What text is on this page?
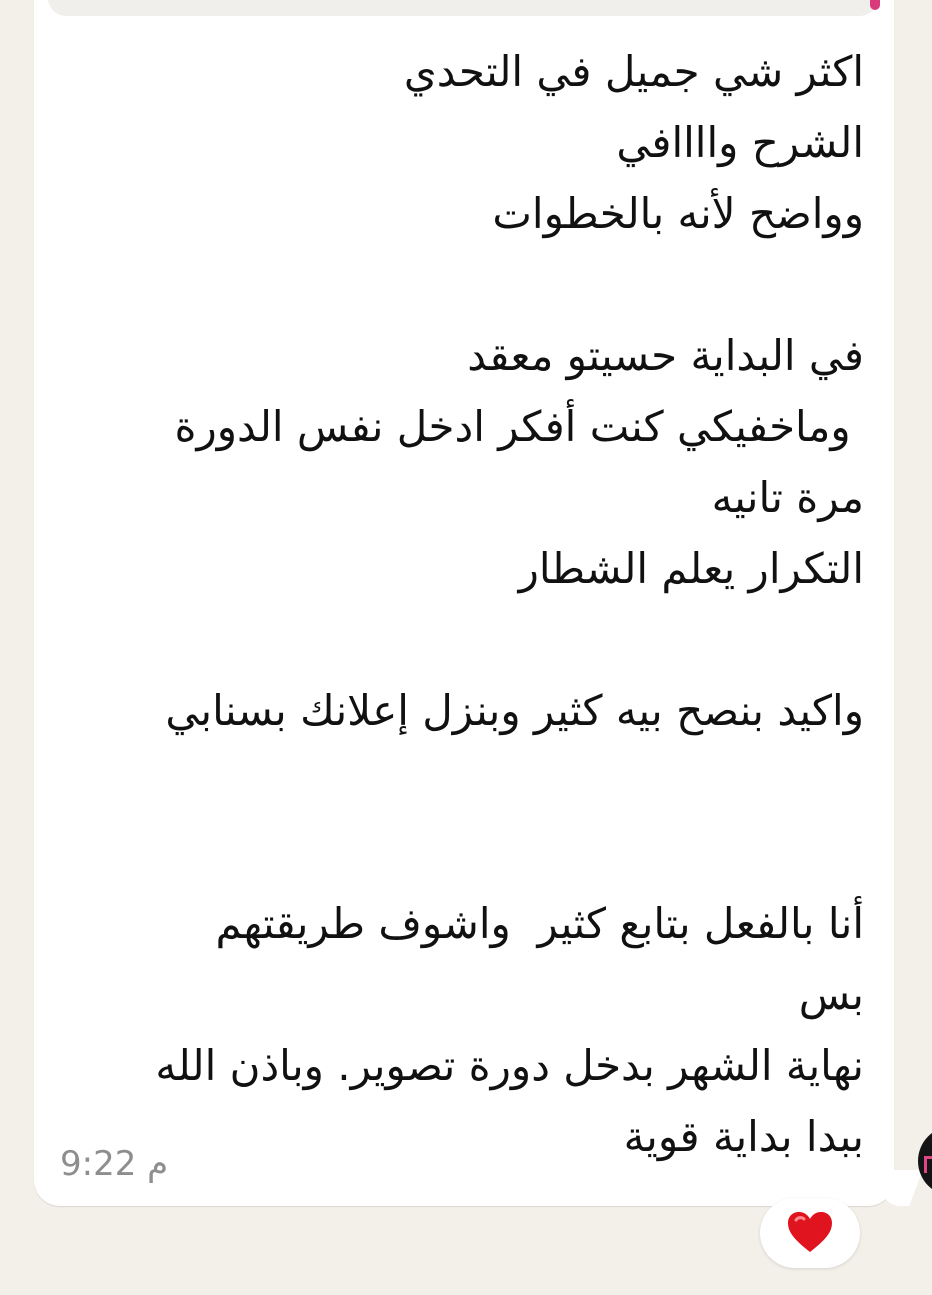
اكثر شي جميل في التحدي
الشرح واااافي
وواضح لأنه بالخطوات

في البداية حسيتو معقد
وماخفيكي كنت أفكر ادخل نفس الدورة
مرة تانيه
التكرار يعلم الشطار

واكيد بنصح بيه كثير وبنزل إعلانك بسنابي

أنا بالفعل بتابع كثير  واشوف طريقتهم
بس
نهاية الشهر بدخل دورة تصوير. وباذن الله
ببدا بداية قوية

9:22 م
